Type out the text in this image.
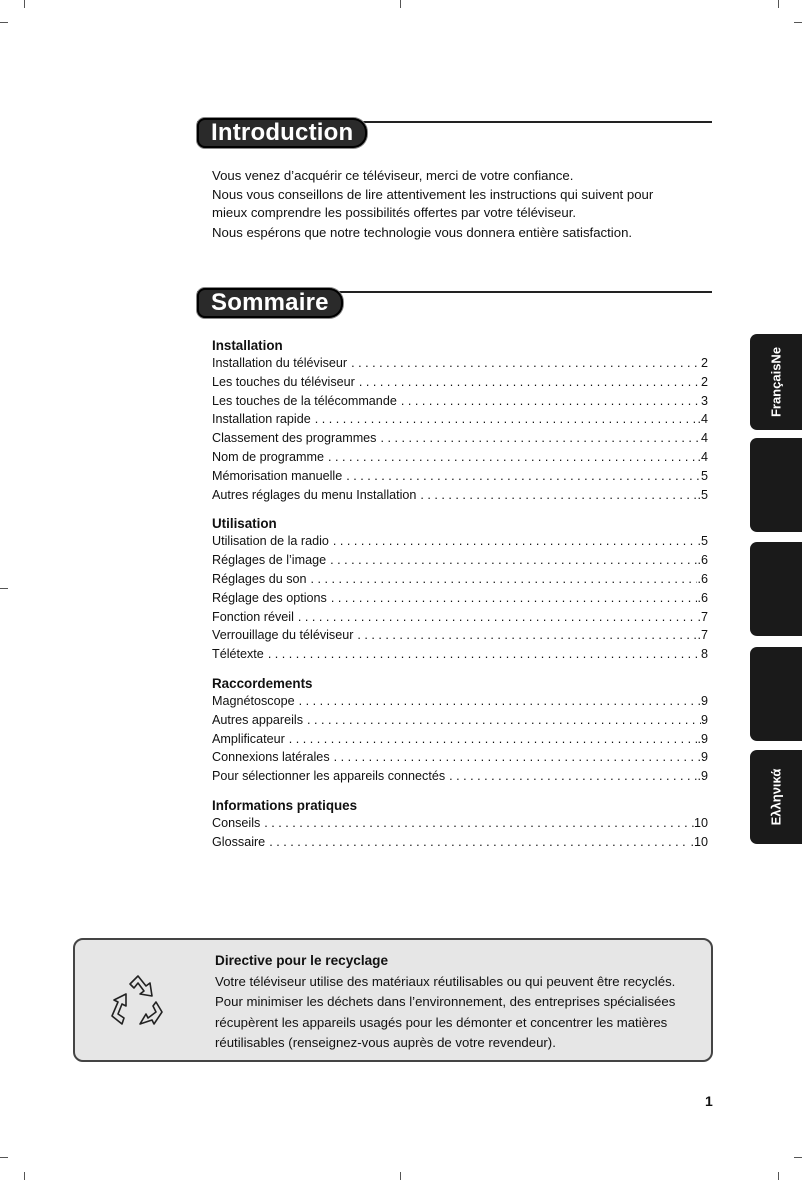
Introduction

Vous venez d’acquérir ce téléviseur, merci de votre confiance.

Nous vous conseillons de lire attentivement les instructions qui suivent pour

mieux comprendre les possibilités offertes par votre téléviseur.

Nous espérons que notre technologie vous donnera entière satisfaction.

Sommaire
Installation
Installation du téléviseur . . .	2
Les touches du téléviseur . . .	2
Les touches de la télécommande . . .	3
Installation rapide . . .	.4
Classement des programmes . . .	4
Nom de programme . . .	.4
Mémorisation manuelle . . .	5
Autres réglages du menu Installation . . .	.5
Utilisation
Utilisation de la radio . . .	.5
Réglages de l’image . . .	.6
Réglages du son . . .	.6
Réglage des options . . .	.6
Fonction réveil . . .	.7
Verrouillage du téléviseur . . .	.7
Télétexte . . .	8
Raccordements
Magnétoscope . . .	9
Autres appareils . . .	9
Amplificateur . . .	.9
Connexions latérales . . .	9
Pour sélectionner les appareils connectés . . .	.9
Informations pratiques
Conseils . . .	10
Glossaire . . .	.10
FrançaisNe
Ελληνικά
Directive pour le recyclage

Votre téléviseur utilise des matériaux réutilisables ou qui peuvent être recyclés.

Pour minimiser les déchets dans l’environnement, des entreprises spécialisées

récupèrent les appareils usagés pour les démonter et concentrer les matières

réutilisables (renseignez-vous auprès de votre revendeur).

1
